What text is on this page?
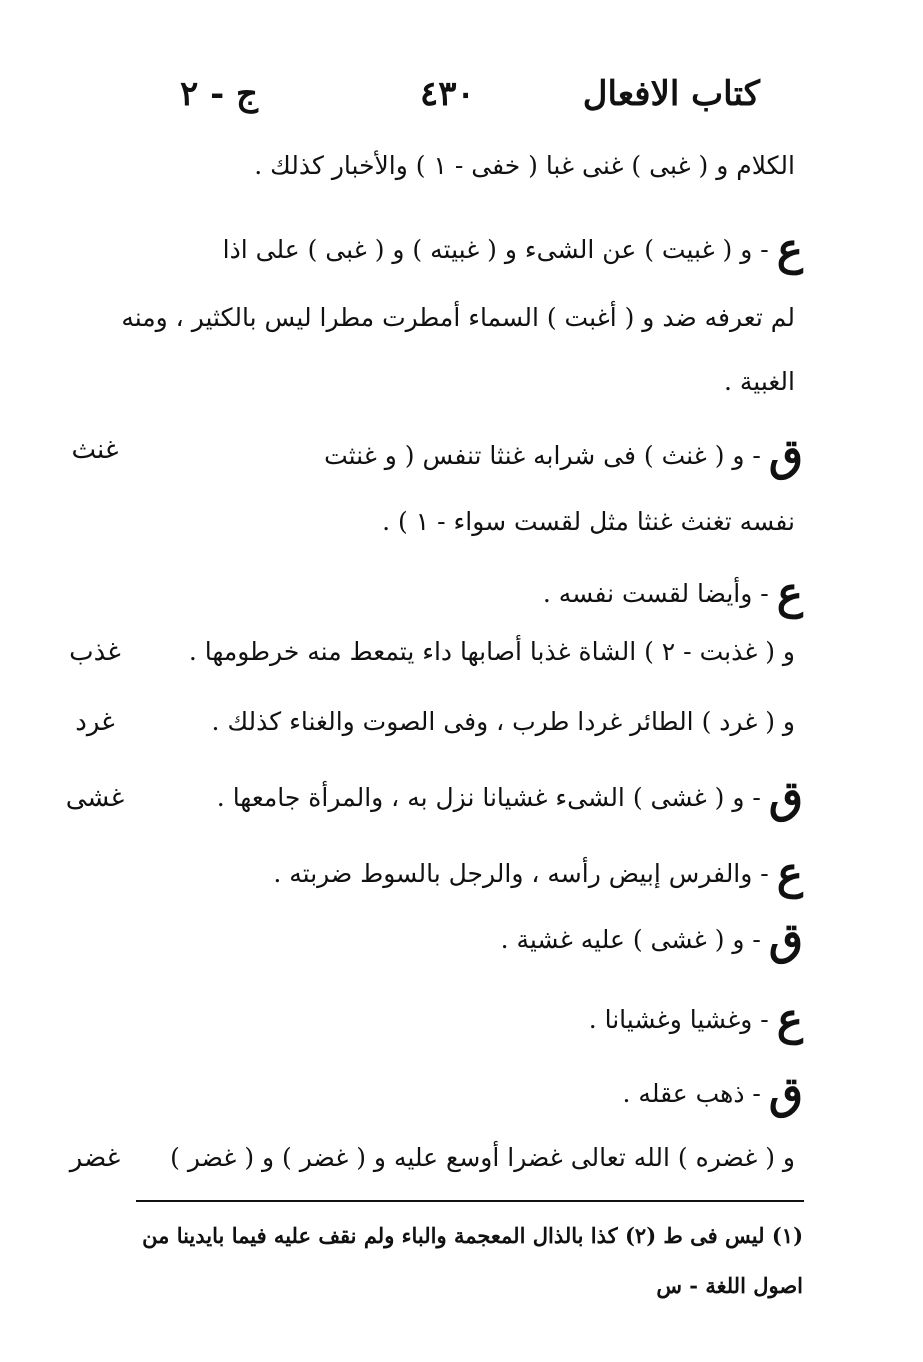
كتاب الافعال
٤٣٠
ج - ٢
الكلام و ( غبى ) غنى غبا ( خفى - ١ ) والأخبار كذلك .
ع- و ( غبيت ) عن الشىء و ( غبيته ) و ( غبى ) على اذا
لم تعرفه ضد و ( أغبت ) السماء أمطرت مطرا ليس بالكثير ، ومنه
الغبية .
ق- و ( غنث ) فى شرابه غنثا تنفس ( و غنثت
نفسه تغنث غنثا مثل لقست سواء - ١ ) .
ع- وأيضا لقست نفسه .
و ( غذبت - ٢ ) الشاة غذبا أصابها داء يتمعط منه خرطومها .
و ( غرد ) الطائر غردا طرب ، وفى الصوت والغناء كذلك .
ق- و ( غشى ) الشىء غشيانا نزل به ، والمرأة جامعها .
ع- والفرس إبيض رأسه ، والرجل بالسوط ضربته .
ق- و ( غشى ) عليه غشية .
ع- وغشيا وغشيانا .
ق- ذهب عقله .
و ( غضره ) الله تعالى غضرا أوسع عليه و ( غضر ) و ( غضر )
غنث
غذب
غرد
غشى
غضر
(١) ليس فى ط (٢) كذا بالذال المعجمة والباء ولم نقف عليه فيما بايدينا من
اصول اللغة - س
